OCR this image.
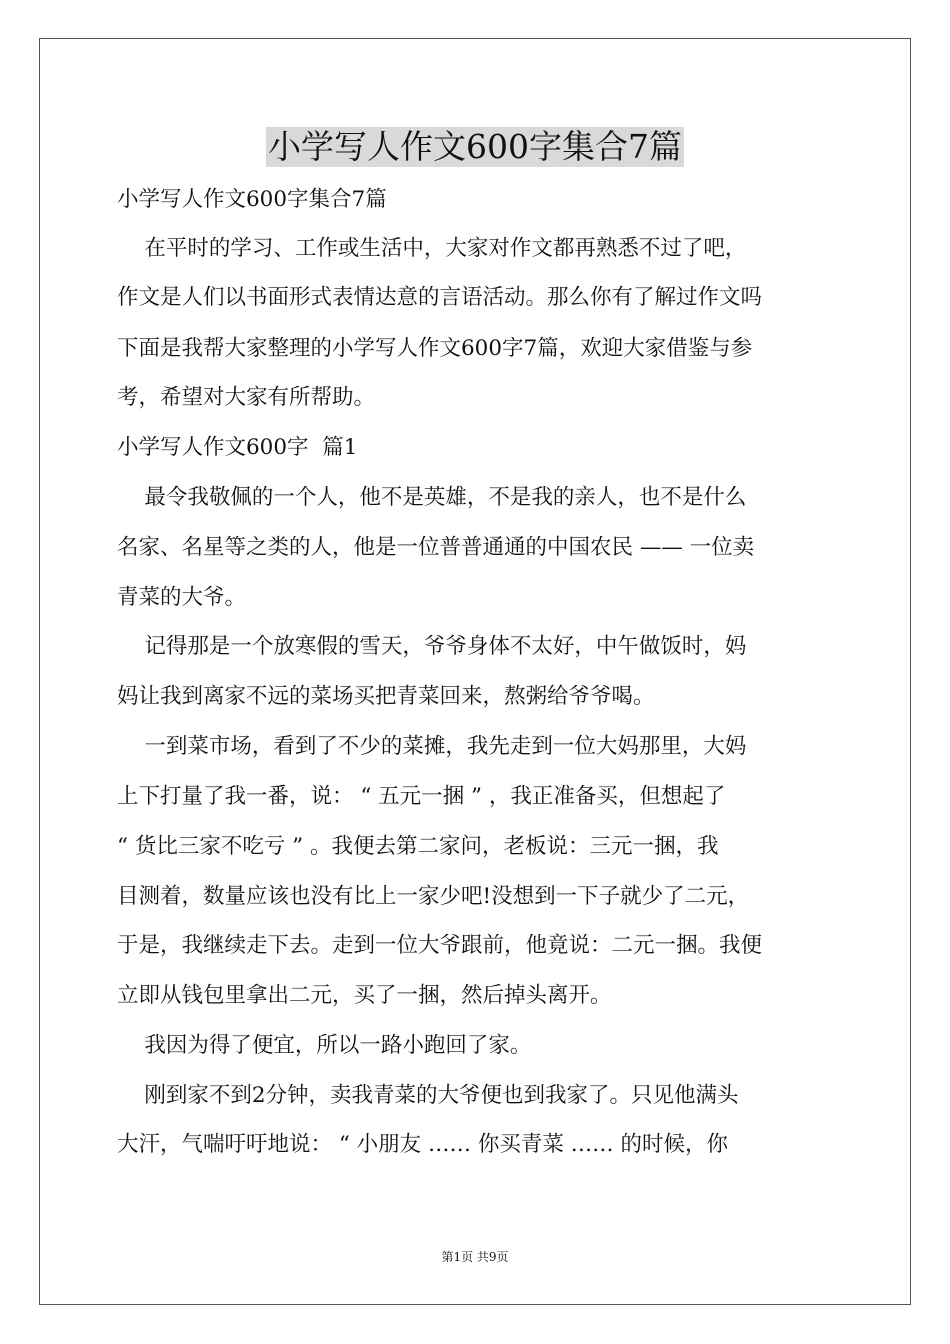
小学写人作文600字集合7篇
小学写人作文600字集合7篇
在平时的学习、工作或生活中，大家对作文都再熟悉不过了吧，
作文是人们以书面形式表情达意的言语活动。那么你有了解过作文吗
下面是我帮大家整理的小学写人作文600字7篇，欢迎大家借鉴与参
考，希望对大家有所帮助。
小学写人作文600字  篇1
最令我敬佩的一个人，他不是英雄，不是我的亲人，也不是什么
名家、名星等之类的人，他是一位普普通通的中国农民 —— 一位卖
青菜的大爷。
记得那是一个放寒假的雪天，爷爷身体不太好，中午做饭时，妈
妈让我到离家不远的菜场买把青菜回来，熬粥给爷爷喝。
一到菜市场，看到了不少的菜摊，我先走到一位大妈那里，大妈
上下打量了我一番，说： “ 五元一捆 ” ，我正准备买，但想起了
“ 货比三家不吃亏 ” 。我便去第二家问，老板说：三元一捆，我
目测着，数量应该也没有比上一家少吧!没想到一下子就少了二元，
于是，我继续走下去。走到一位大爷跟前，他竟说：二元一捆。我便
立即从钱包里拿出二元，买了一捆，然后掉头离开。
我因为得了便宜，所以一路小跑回了家。
刚到家不到2分钟，卖我青菜的大爷便也到我家了。只见他满头
大汗，气喘吁吁地说： “ 小朋友 …… 你买青菜 …… 的时候，你
第1页 共9页
